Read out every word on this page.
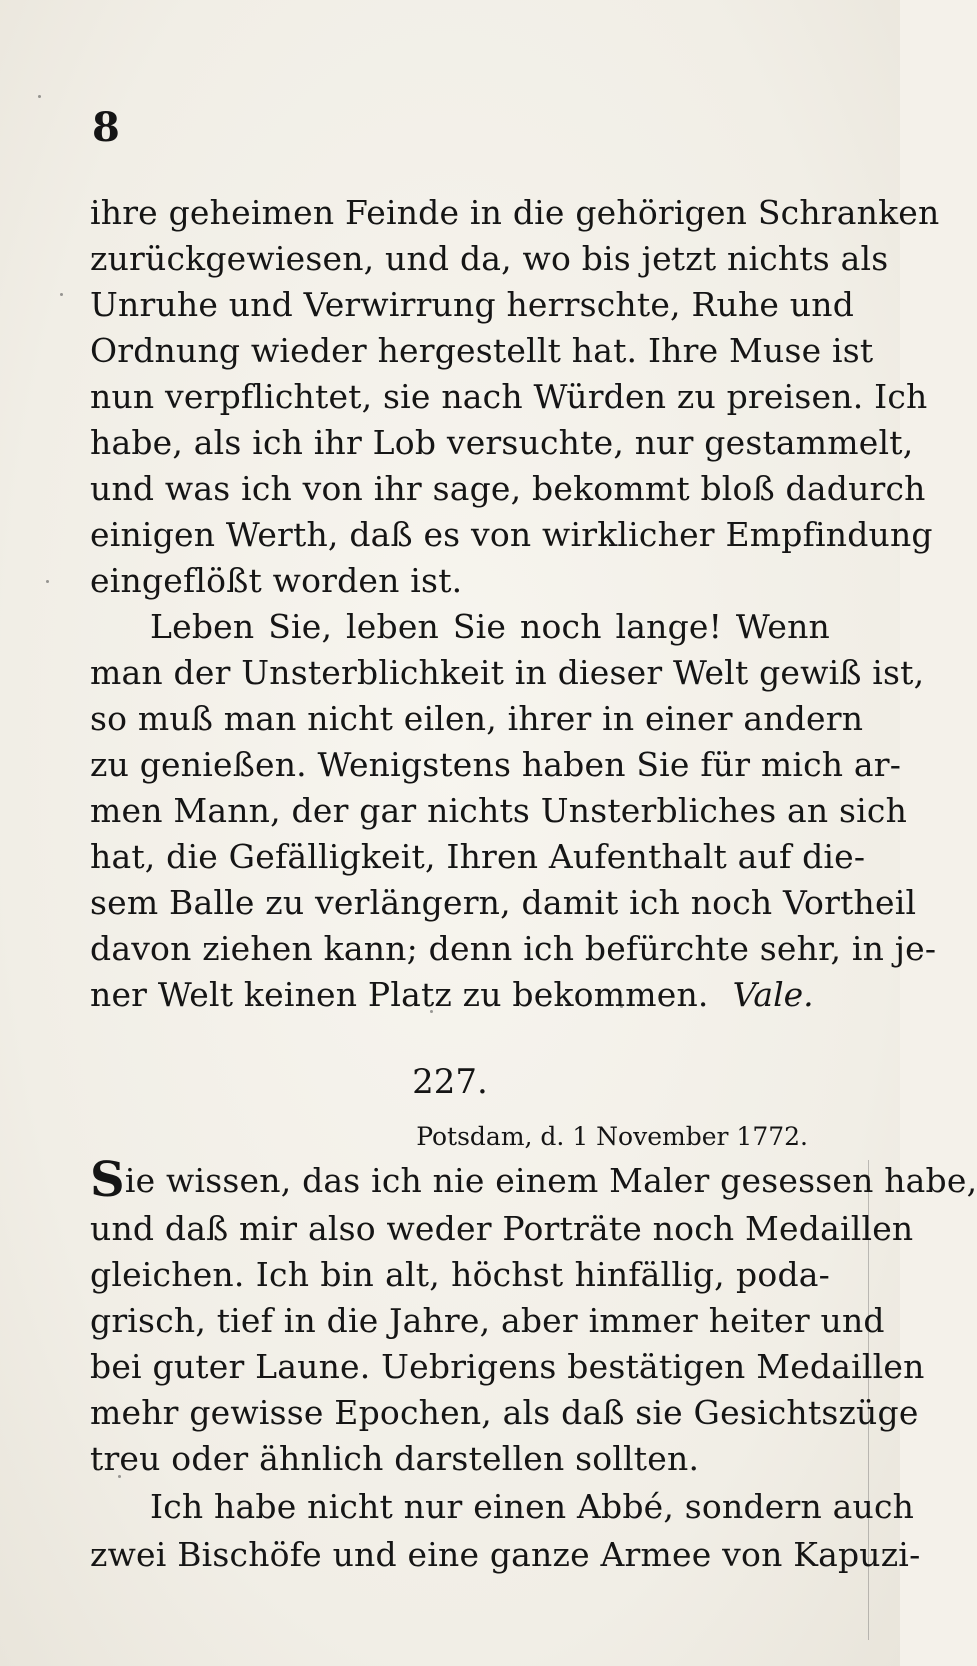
8
ihre geheimen Feinde in die gehörigen Schranken
zurückgewiesen, und da, wo bis jetzt nichts als
Unruhe und Verwirrung herrschte, Ruhe und
Ordnung wieder hergestellt hat. Ihre Muse ist
nun verpflichtet, sie nach Würden zu preisen. Ich
habe, als ich ihr Lob versuchte, nur gestammelt,
und was ich von ihr sage, bekommt bloß dadurch
einigen Werth, daß es von wirklicher Empfindung
eingeflößt worden ist.
Leben Sie, leben Sie noch lange! Wenn
man der Unsterblichkeit in dieser Welt gewiß ist,
so muß man nicht eilen, ihrer in einer andern
zu genießen. Wenigstens haben Sie für mich ar-
men Mann, der gar nichts Unsterbliches an sich
hat, die Gefälligkeit, Ihren Aufenthalt auf die-
sem Balle zu verlängern, damit ich noch Vortheil
davon ziehen kann; denn ich befürchte sehr, in je-
ner Welt keinen Platz zu bekommen. Vale.
227.
Potsdam, d. 1 November 1772.
Sie wissen, das ich nie einem Maler gesessen habe,
und daß mir also weder Porträte noch Medaillen
gleichen. Ich bin alt, höchst hinfällig, poda-
grisch, tief in die Jahre, aber immer heiter und
bei guter Laune. Uebrigens bestätigen Medaillen
mehr gewisse Epochen, als daß sie Gesichtszüge
treu oder ähnlich darstellen sollten.
Ich habe nicht nur einen Abbé, sondern auch
zwei Bischöfe und eine ganze Armee von Kapuzi-
